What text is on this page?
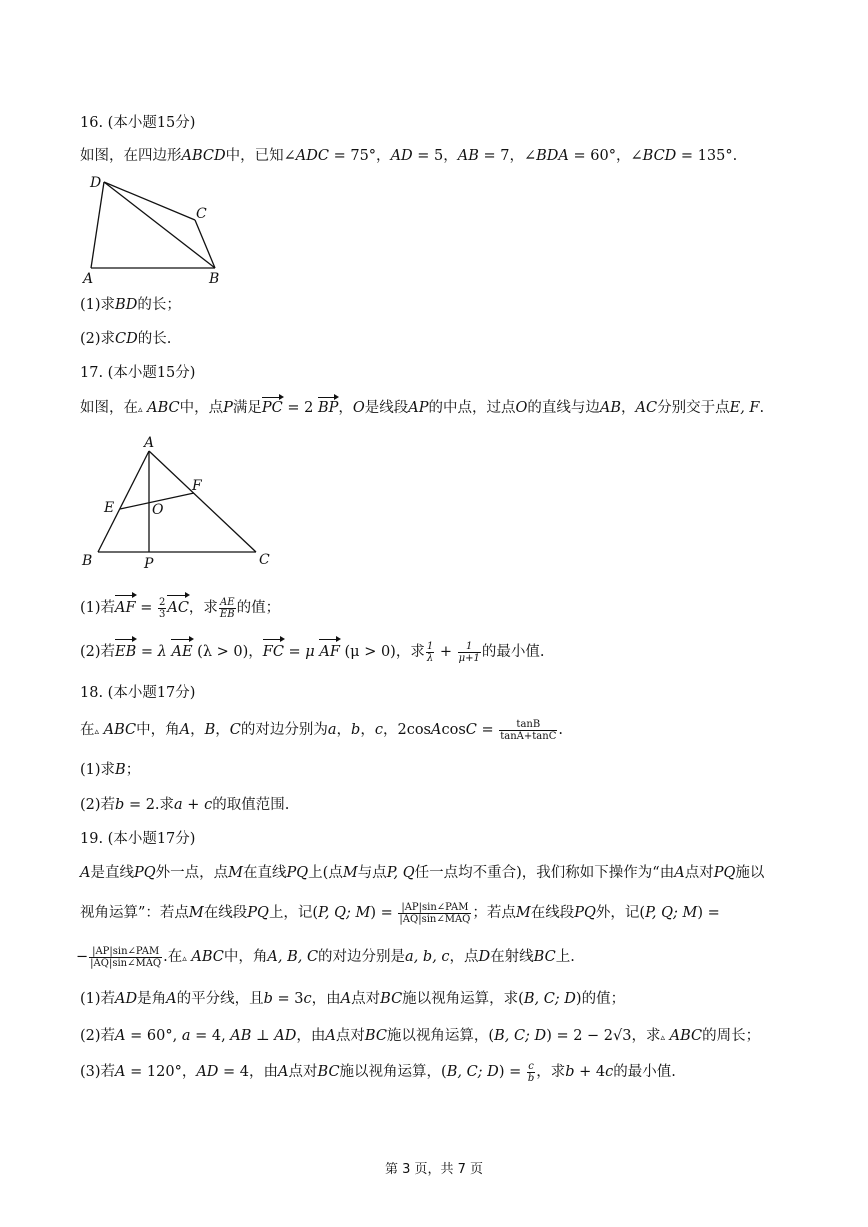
16. (本小题15分)
如图，在四边形ABCD中，已知∠ADC = 75°，AD = 5，AB = 7，∠BDA = 60°，∠BCD = 135°.
D
C
A	B
(1)求BD的长；
(2)求CD的长.
17. (本小题15分)
如图，在▵ ABC中，点P满足PC = 2 BP，O是线段AP的中点，过点O的直线与边AB，AC分别交于点E, F.
A
F
E	O
B	P	C
(1)若AF = $\frac{2}{3}$ AC，求 $\frac{AE}{EB}$ 的值；
(2)若EB = λ AE (λ > 0)，FC = μ AF (μ > 0)，求 $\frac{1}{\lambda} + \frac{1}{\mu+1}$ 的最小值.
18. (本小题17分)
在▵ ABC中，角A，B，C的对边分别为a，b，c，2cosAcosC = $\frac{\tan B}{\tan A+\tan C}$ .
(1)求B；
(2)若b = 2.求a + c的取值范围.
19. (本小题17分)
A是直线PQ外一点，点M在直线PQ上(点M与点P, Q任一点均不重合)，我们称如下操作为“由A点对PQ施以
视角运算”：若点M在线段PQ上，记(P, Q; $M) = \frac{\text{|AP|sin∠PAM}}{\text{|AQ|sin∠MAQ}}$ ；若点M在线段PQ外，记(P, Q; M) =
− $\frac{\text{|AP|sin∠PAM}}{\text{|AQ|sin∠MAQ}}$ .在▵ ABC中，角A, B, C的对边分别是a, b, c，点D在射线BC上.
(1)若AD是角A的平分线，且b = 3c，由A点对BC施以视角运算，求(B, C; D)的值；
(2)若A = 60°, a = 4, AB ⊥ AD，由A点对BC施以视角运算，(B, C; D) = 2 − 2√3，求▵ ABC的周长；
(3)若A = 120°，AD = 4，由A点对BC施以视角运算，(B, C; $D) = \frac{c}{b}$ ，求b + 4c的最小值.
第 3 页，共 7 页
